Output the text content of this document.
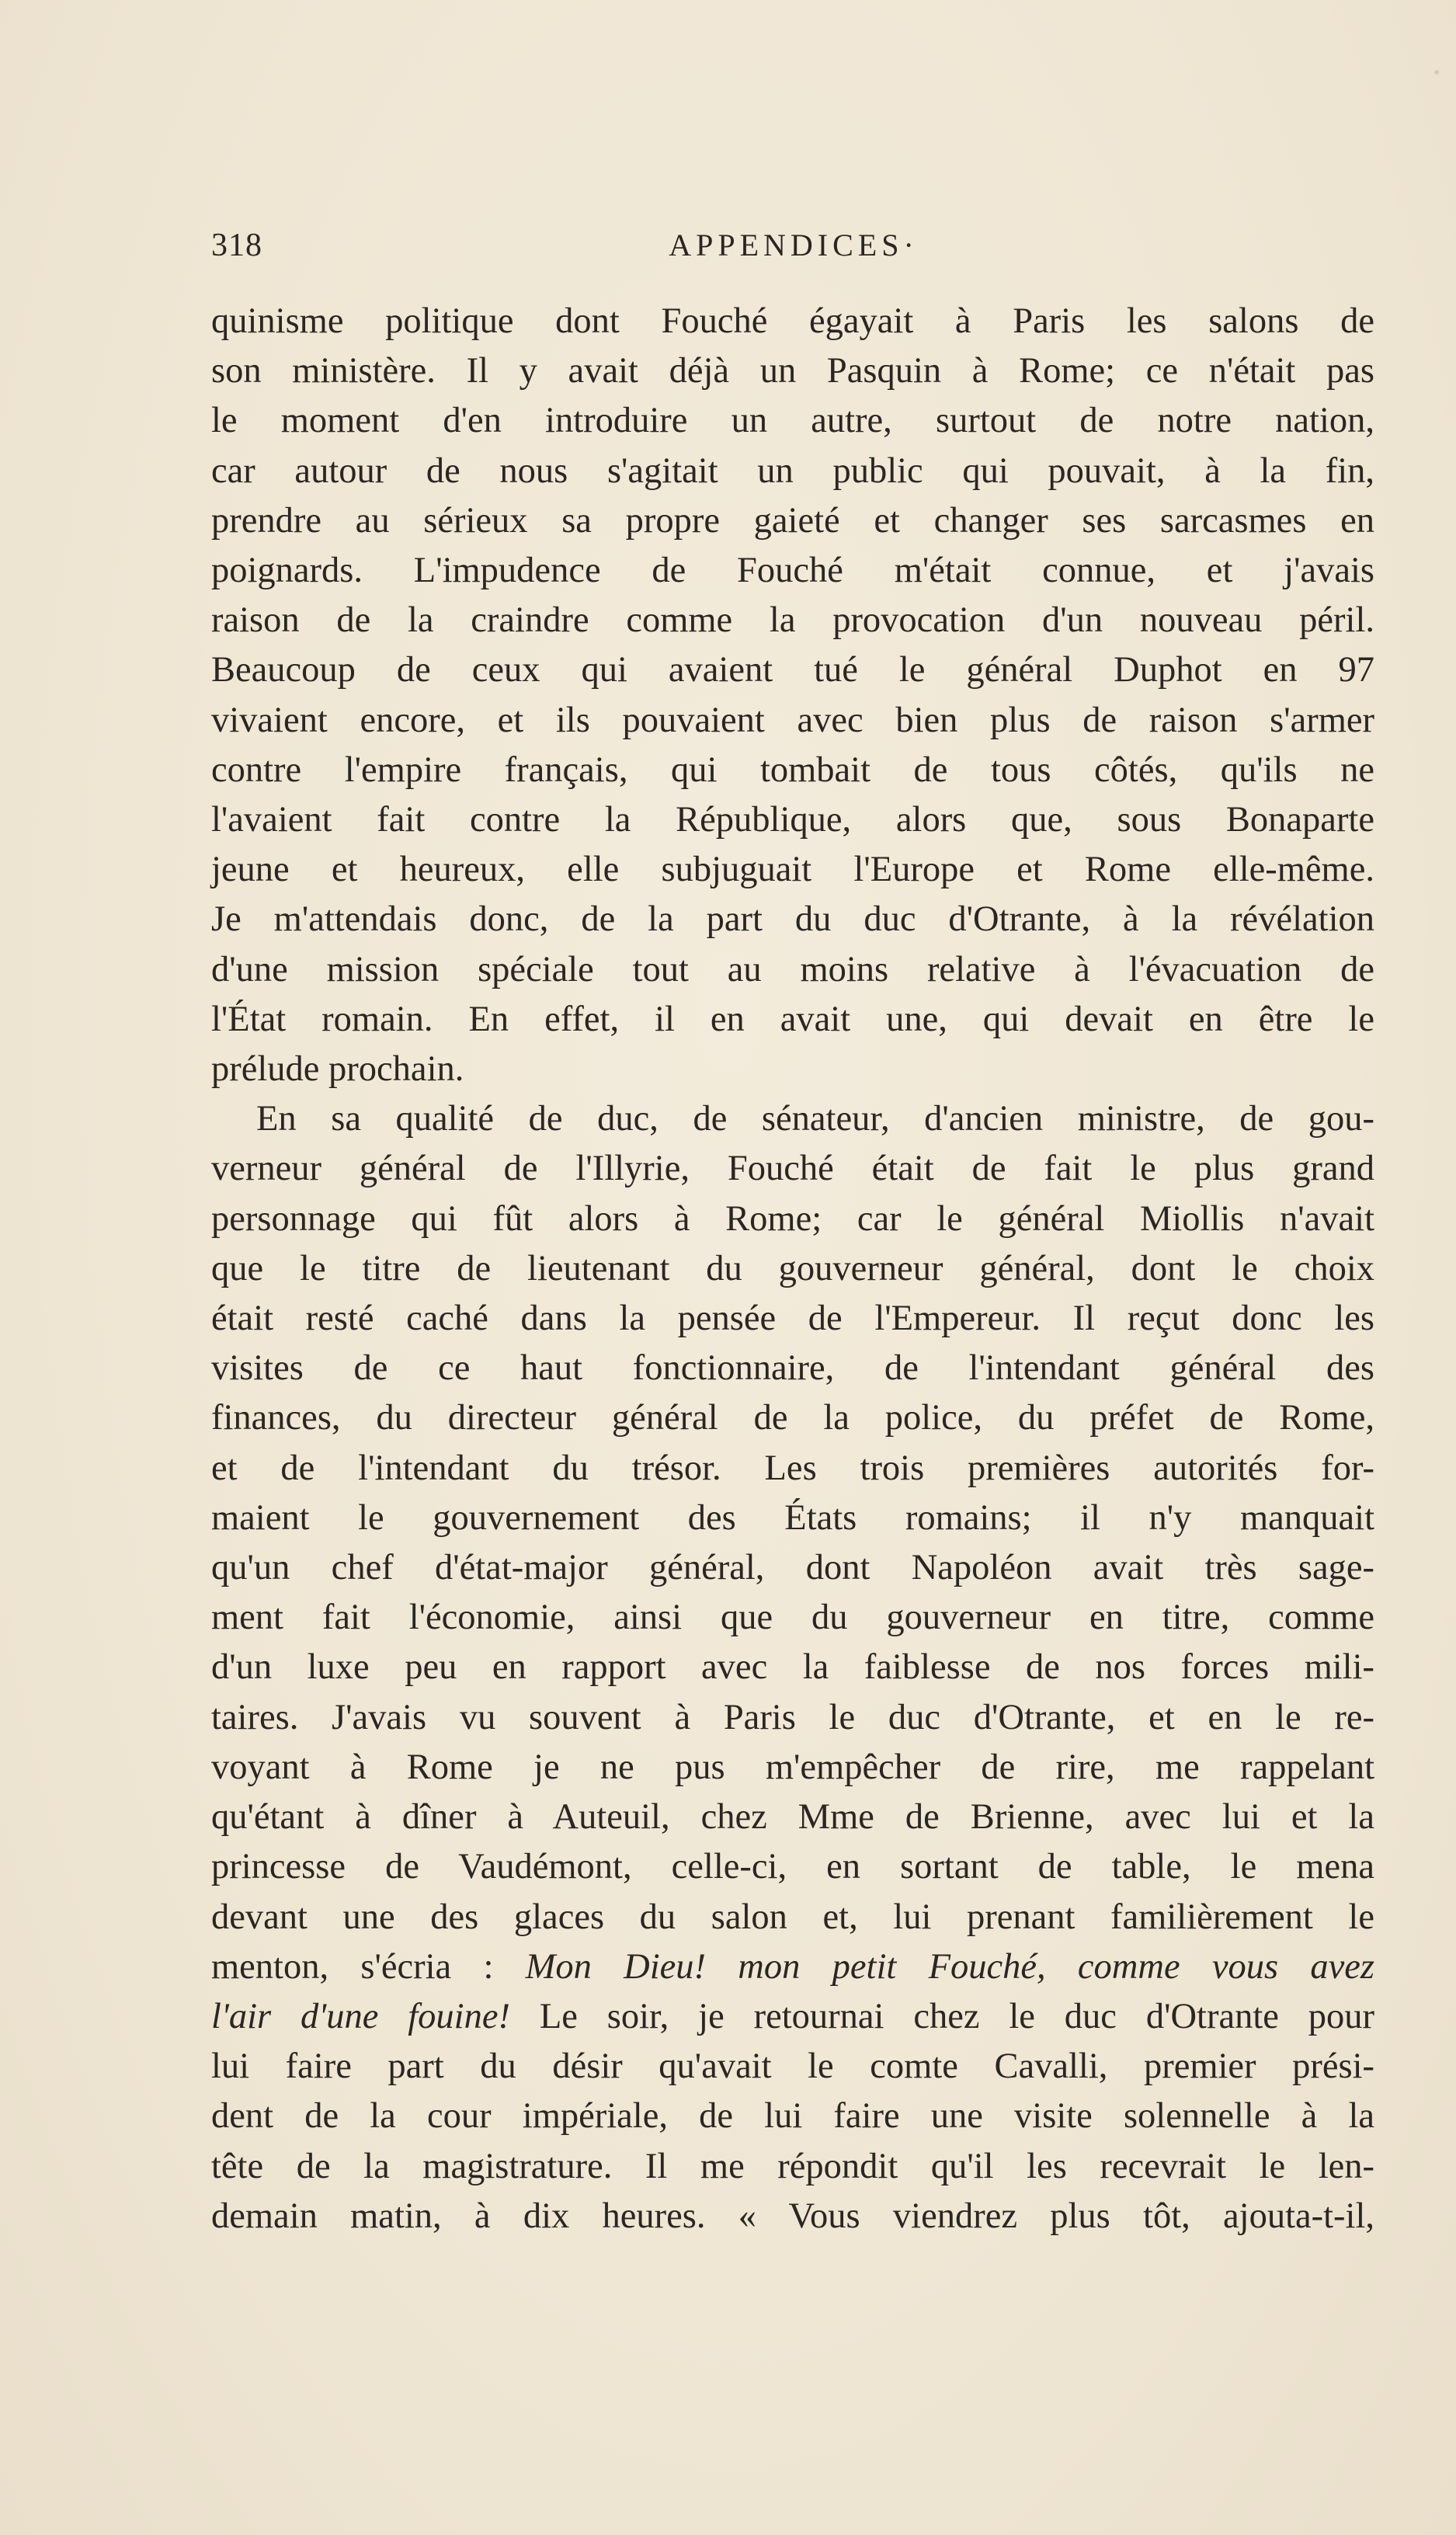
318	APPENDICES·

quinisme politique dont Fouché égayait à Paris les salons de
son ministère. Il y avait déjà un Pasquin à Rome; ce n'était pas
le moment d'en introduire un autre, surtout de notre nation,
car autour de nous s'agitait un public qui pouvait, à la fin,
prendre au sérieux sa propre gaieté et changer ses sarcasmes en
poignards. L'impudence de Fouché m'était connue, et j'avais
raison de la craindre comme la provocation d'un nouveau péril.
Beaucoup de ceux qui avaient tué le général Duphot en 97
vivaient encore, et ils pouvaient avec bien plus de raison s'armer
contre l'empire français, qui tombait de tous côtés, qu'ils ne
l'avaient fait contre la République, alors que, sous Bonaparte
jeune et heureux, elle subjuguait l'Europe et Rome elle-même.
Je m'attendais donc, de la part du duc d'Otrante, à la révélation
d'une mission spéciale tout au moins relative à l'évacuation de
l'État romain. En effet, il en avait une, qui devait en être le
prélude prochain.

En sa qualité de duc, de sénateur, d'ancien ministre, de gou-
verneur général de l'Illyrie, Fouché était de fait le plus grand
personnage qui fût alors à Rome; car le général Miollis n'avait
que le titre de lieutenant du gouverneur général, dont le choix
était resté caché dans la pensée de l'Empereur. Il reçut donc les
visites de ce haut fonctionnaire, de l'intendant général des
finances, du directeur général de la police, du préfet de Rome,
et de l'intendant du trésor. Les trois premières autorités for-
maient le gouvernement des États romains; il n'y manquait
qu'un chef d'état-major général, dont Napoléon avait très sage-
ment fait l'économie, ainsi que du gouverneur en titre, comme
d'un luxe peu en rapport avec la faiblesse de nos forces mili-
taires. J'avais vu souvent à Paris le duc d'Otrante, et en le re-
voyant à Rome je ne pus m'empêcher de rire, me rappelant
qu'étant à dîner à Auteuil, chez Mme de Brienne, avec lui et la
princesse de Vaudémont, celle-ci, en sortant de table, le mena
devant une des glaces du salon et, lui prenant familièrement le
menton, s'écria : Mon Dieu! mon petit Fouché, comme vous avez
l'air d'une fouine! Le soir, je retournai chez le duc d'Otrante pour
lui faire part du désir qu'avait le comte Cavalli, premier prési-
dent de la cour impériale, de lui faire une visite solennelle à la
tête de la magistrature. Il me répondit qu'il les recevrait le len-
demain matin, à dix heures. « Vous viendrez plus tôt, ajouta-t-il,
